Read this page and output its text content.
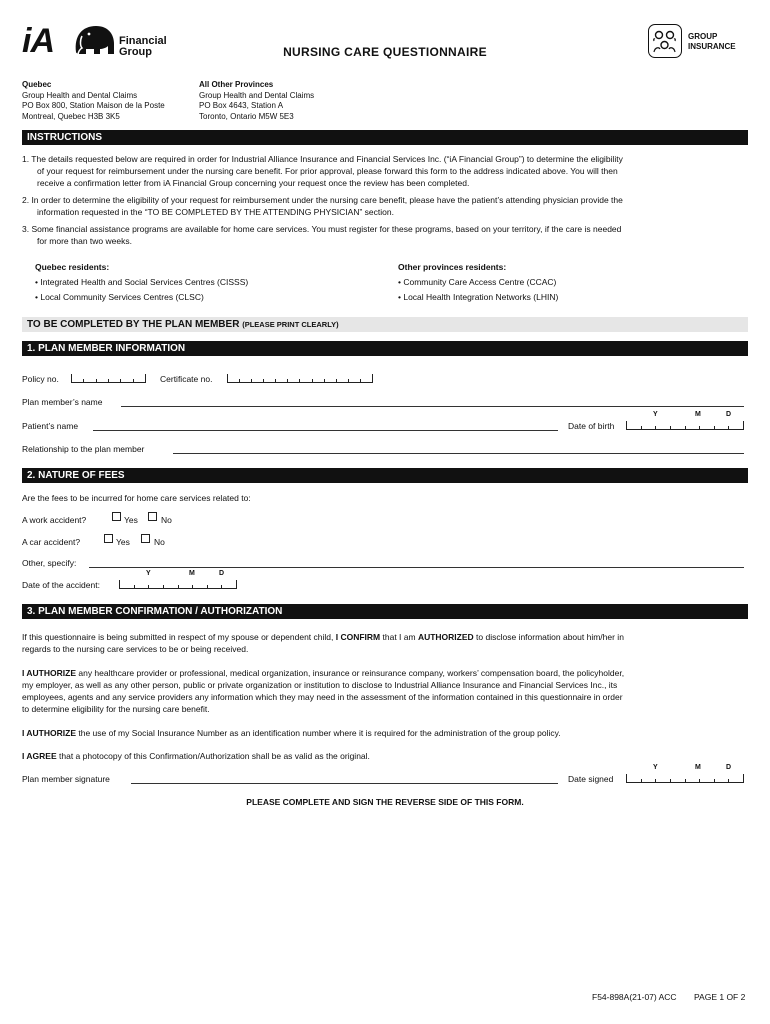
iA	Financial
Group	NURSING CARE QUESTIONNAIRE
GROUP
INSURANCE
Quebec
Group Health and Dental Claims
PO Box 800, Station Maison de la Poste
Montreal, Quebec H3B 3K5
All Other Provinces
Group Health and Dental Claims
PO Box 4643, Station A
Toronto, Ontario M5W 5E3
INSTRUCTIONS
1. The details requested below are required in order for Industrial Alliance Insurance and Financial Services Inc. (“iA Financial Group”) to determine the eligibility
of your request for reimbursement under the nursing care benefit. For prior approval, please forward this form to the address indicated above. You will then
receive a confirmation letter from iA Financial Group concerning your request once the review has been completed.
2. In order to determine the eligibility of your request for reimbursement under the nursing care benefit, please have the patient’s attending physician provide the
information requested in the “TO BE COMPLETED BY THE ATTENDING PHYSICIAN” section.
3. Some financial assistance programs are available for home care services. You must register for these programs, based on your territory, if the care is needed
for more than two weeks.
Quebec residents:
• Integrated Health and Social Services Centres (CISSS)
• Local Community Services Centres (CLSC)
Other provinces residents:
• Community Care Access Centre (CCAC)
• Local Health Integration Networks (LHIN)
TO BE COMPLETED BY THE PLAN MEMBER (PLEASE PRINT CLEARLY)
1. PLAN MEMBER INFORMATION
Policy no.	Certificate no.
Plan member’s name
Y	M	D
Patient’s name	Date of birth
Relationship to the plan member
2. NATURE OF FEES
Are the fees to be incurred for home care services related to:
A work accident?	Yes	No
A car accident?	Yes	No
Other, specify:
Y	M	D
Date of the accident:
3. PLAN MEMBER CONFIRMATION / AUTHORIZATION
If this questionnaire is being submitted in respect of my spouse or dependent child, I CONFIRM that I am AUTHORIZED to disclose information about him/her in
regards to the nursing care services to be or being received.
I AUTHORIZE any healthcare provider or professional, medical organization, insurance or reinsurance company, workers’ compensation board, the policyholder,
my employer, as well as any other person, public or private organization or institution to disclose to Industrial Alliance Insurance and Financial Services Inc., its
employees, agents and any service providers any information which they may need in the assessment of the information contained in this questionnaire in order
to determine eligibility for the nursing care benefit.
I AUTHORIZE the use of my Social Insurance Number as an identification number where it is required for the administration of the group policy.
I AGREE that a photocopy of this Confirmation/Authorization shall be as valid as the original.
Y	M	D
Plan member signature	Date signed
PLEASE COMPLETE AND SIGN THE REVERSE SIDE OF THIS FORM.
F54-898A(21-07) ACC PAGE 1 OF 2
